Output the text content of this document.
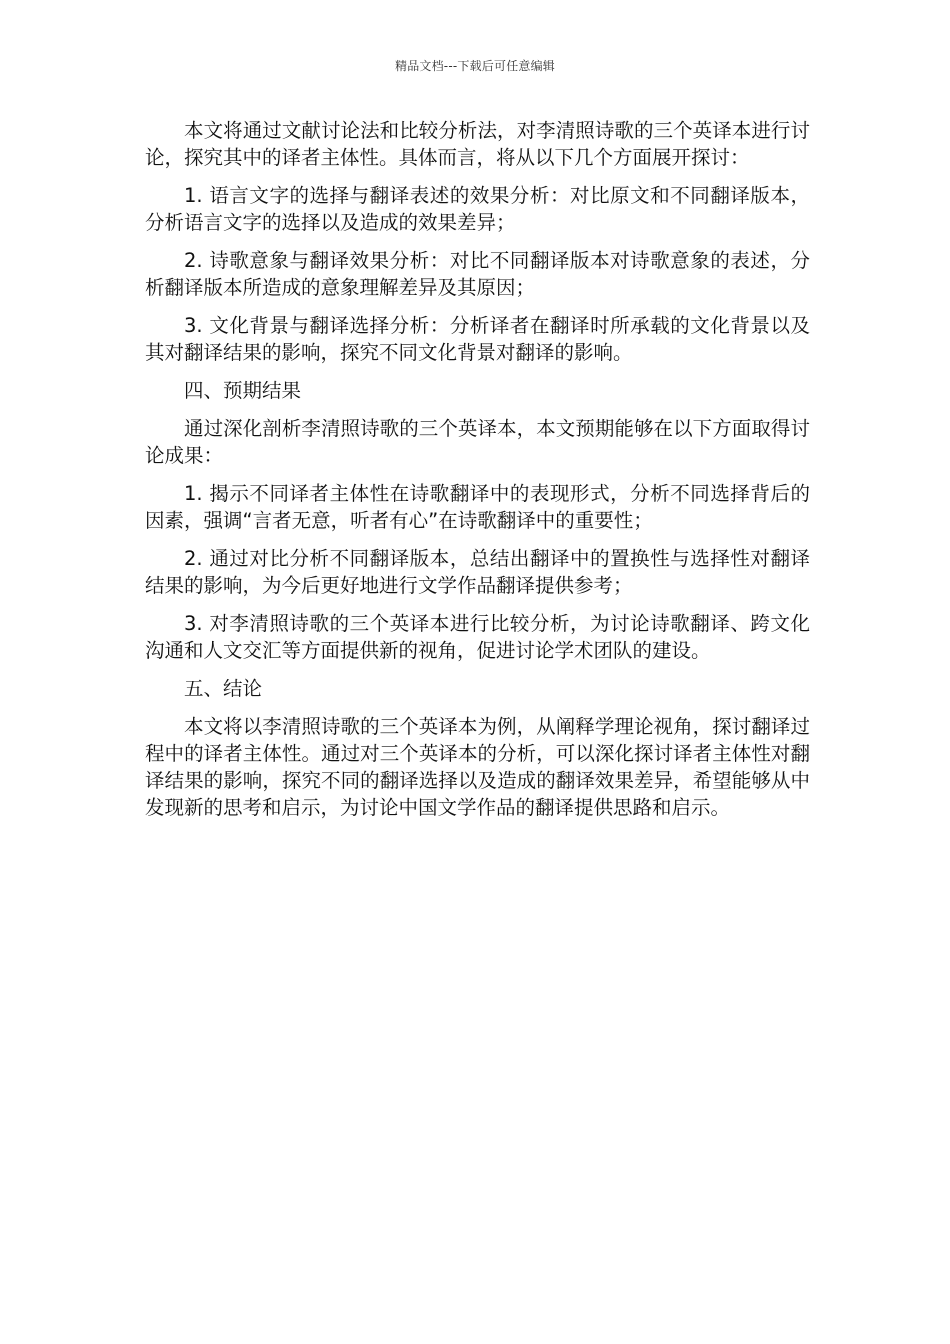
精品文档---下载后可任意编辑

本文将通过文献讨论法和比较分析法，对李清照诗歌的三个英译本进行讨论，探究其中的译者主体性。具体而言，将从以下几个方面展开探讨：

1. 语言文字的选择与翻译表述的效果分析：对比原文和不同翻译版本，分析语言文字的选择以及造成的效果差异；

2. 诗歌意象与翻译效果分析：对比不同翻译版本对诗歌意象的表述，分析翻译版本所造成的意象理解差异及其原因；

3. 文化背景与翻译选择分析：分析译者在翻译时所承载的文化背景以及其对翻译结果的影响，探究不同文化背景对翻译的影响。

四、预期结果

通过深化剖析李清照诗歌的三个英译本，本文预期能够在以下方面取得讨论成果：

1. 揭示不同译者主体性在诗歌翻译中的表现形式，分析不同选择背后的因素，强调“言者无意，听者有心”在诗歌翻译中的重要性；

2. 通过对比分析不同翻译版本，总结出翻译中的置换性与选择性对翻译结果的影响，为今后更好地进行文学作品翻译提供参考；

3. 对李清照诗歌的三个英译本进行比较分析，为讨论诗歌翻译、跨文化沟通和人文交汇等方面提供新的视角，促进讨论学术团队的建设。

五、结论

本文将以李清照诗歌的三个英译本为例，从阐释学理论视角，探讨翻译过程中的译者主体性。通过对三个英译本的分析，可以深化探讨译者主体性对翻译结果的影响，探究不同的翻译选择以及造成的翻译效果差异，希望能够从中发现新的思考和启示，为讨论中国文学作品的翻译提供思路和启示。
